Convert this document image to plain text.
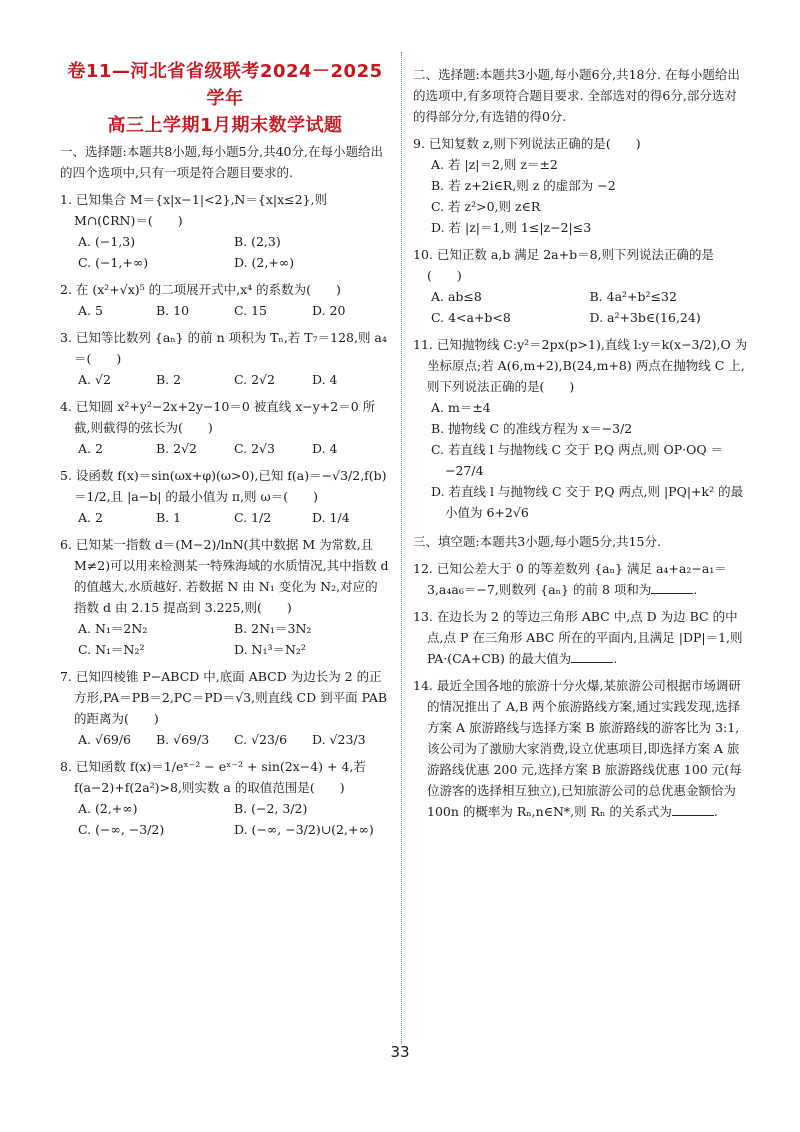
卷11—河北省省级联考2024－2025学年
高三上学期1月期末数学试题
一、选择题:本题共8小题,每小题5分,共40分,在每小题给出的四个选项中,只有一项是符合题目要求的.
1. 已知集合 M＝{x|x−1|<2},N＝{x|x≤2},则 M∩(∁RN)＝(　　)
A. (−1,3)	B. (2,3)
C. (−1,+∞)	D. (2,+∞)
2. 在 (x²+√x)⁵ 的二项展开式中,x⁴ 的系数为(　　)
A. 5	B. 10	C. 15	D. 20
3. 已知等比数列 {aₙ} 的前 n 项积为 Tₙ,若 T₇＝128,则 a₄＝(　　)
A. √2	B. 2	C. 2√2	D. 4
4. 已知圆 x²+y²−2x+2y−10＝0 被直线 x−y+2＝0 所截,则截得的弦长为(　　)
A. 2	B. 2√2	C. 2√3	D. 4
5. 设函数 f(x)＝sin(ωx+φ)(ω>0),已知 f(a)＝−√3/2,f(b)＝1/2,且 |a−b| 的最小值为 π,则 ω＝(　　)
A. 2	B. 1	C. 1/2	D. 1/4
6. 已知某一指数 d＝(M−2)/lnN(其中数据 M 为常数,且 M≠2)可以用来检测某一特殊海域的水质情况,其中指数 d 的值越大,水质越好. 若数据 N 由 N₁ 变化为 N₂,对应的指数 d 由 2.15 提高到 3.225,则(　　)
A. N₁＝2N₂	B. 2N₁＝3N₂
C. N₁＝N₂²	D. N₁³＝N₂²
7. 已知四棱锥 P−ABCD 中,底面 ABCD 为边长为 2 的正方形,PA＝PB＝2,PC＝PD＝√3,则直线 CD 到平面 PAB 的距离为(　　)
A. √69/6	B. √69/3	C. √23/6	D. √23/3
8. 已知函数 f(x)＝1/eˣ⁻² − eˣ⁻² + sin(2x−4) + 4,若 f(a−2)+f(2a²)>8,则实数 a 的取值范围是(　　)
A. (2,+∞)	B. (−2, 3/2)
C. (−∞, −3/2)	D. (−∞, −3/2)∪(2,+∞)
二、选择题:本题共3小题,每小题6分,共18分. 在每小题给出的选项中,有多项符合题目要求. 全部选对的得6分,部分选对的得部分分,有选错的得0分.
9. 已知复数 z,则下列说法正确的是(　　)
A. 若 |z|＝2,则 z＝±2
B. 若 z+2i∈R,则 z 的虚部为 −2
C. 若 z²>0,则 z∈R
D. 若 |z|＝1,则 1≤|z−2|≤3
10. 已知正数 a,b 满足 2a+b＝8,则下列说法正确的是(　　)
A. ab≤8	B. 4a²+b²≤32
C. 4<a+b<8	D. a²+3b∈(16,24)
11. 已知抛物线 C:y²＝2px(p>1),直线 l:y＝k(x−3/2),O 为坐标原点;若 A(6,m+2),B(24,m+8) 两点在抛物线 C 上,则下列说法正确的是(　　)
A. m＝±4
B. 抛物线 C 的准线方程为 x＝−3/2
C. 若直线 l 与抛物线 C 交于 P,Q 两点,则 OP·OQ ＝−27/4
D. 若直线 l 与抛物线 C 交于 P,Q 两点,则 |PQ|+k² 的最小值为 6+2√6
三、填空题:本题共3小题,每小题5分,共15分.
12. 已知公差大于 0 的等差数列 {aₙ} 满足 a₄+a₂−a₁＝3,a₄a₆＝−7,则数列 {aₙ} 的前 8 项和为	.
13. 在边长为 2 的等边三角形 ABC 中,点 D 为边 BC 的中点,点 P 在三角形 ABC 所在的平面内,且满足 |DP|＝1,则 PA·(CA+CB) 的最大值为	.
14. 最近全国各地的旅游十分火爆,某旅游公司根据市场调研的情况推出了 A,B 两个旅游路线方案,通过实践发现,选择方案 A 旅游路线与选择方案 B 旅游路线的游客比为 3:1,该公司为了激励大家消费,设立优惠项目,即选择方案 A 旅游路线优惠 200 元,选择方案 B 旅游路线优惠 100 元(每位游客的选择相互独立),已知旅游公司的总优惠金额恰为 100n 的概率为 Rₙ,n∈N*,则 Rₙ 的关系式为	.
33
